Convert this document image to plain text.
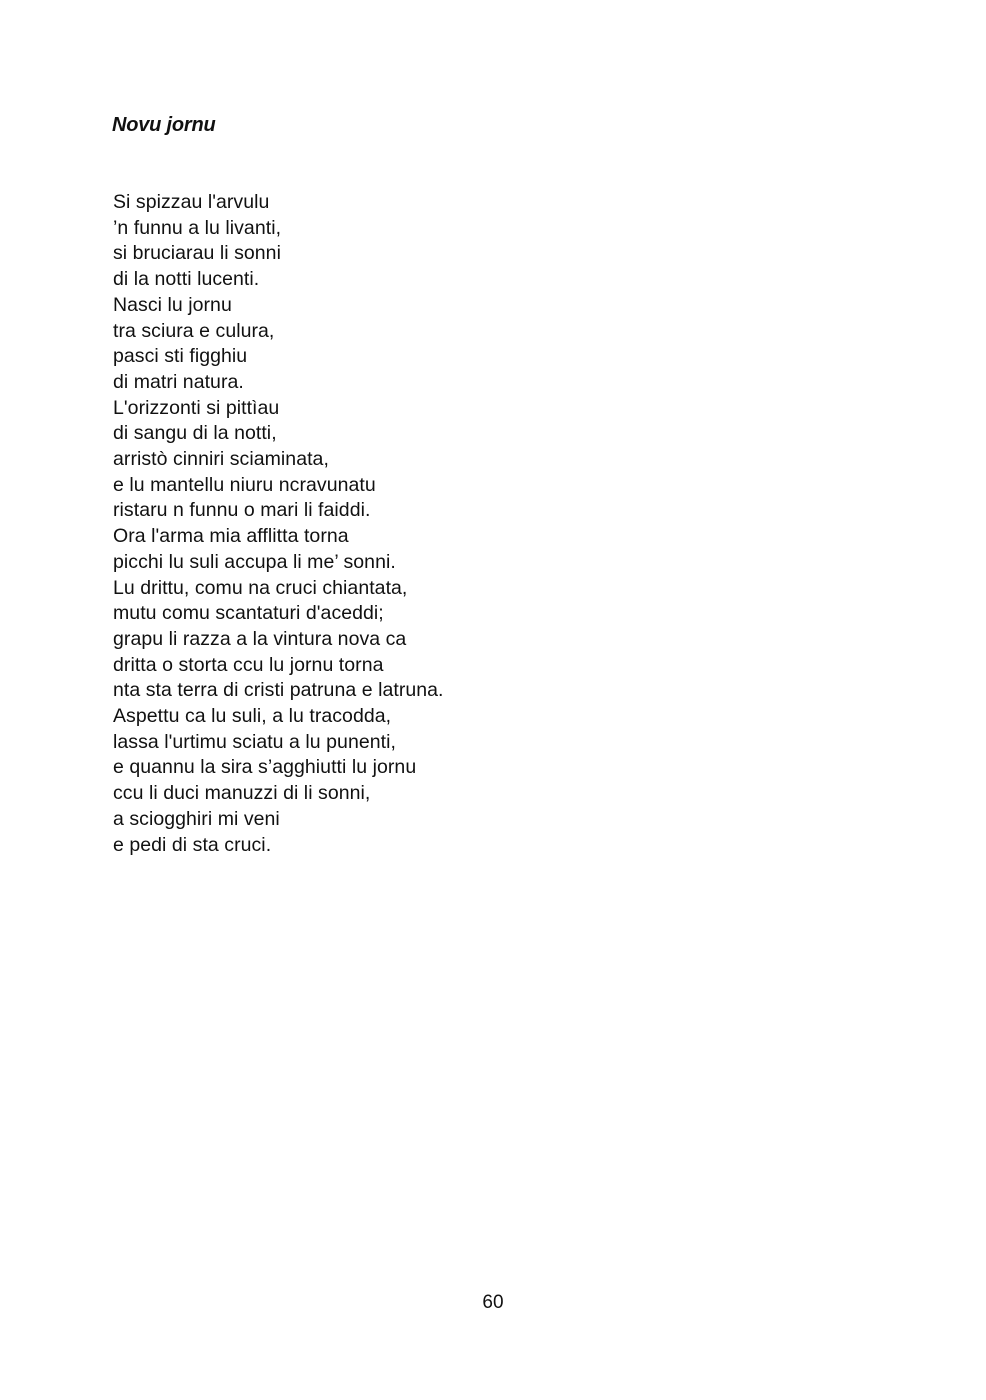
Novu jornu
Si spizzau l'arvulu
’n funnu a lu livanti,
si bruciarau li sonni
di la notti lucenti.
Nasci lu jornu
tra sciura e culura,
pasci sti figghiu
di matri natura.
L'orizzonti si pittìau
di sangu di la notti,
arristò cinniri sciaminata,
e lu mantellu niuru ncravunatu
ristaru n funnu o mari li faiddi.
Ora l'arma mia afflitta torna
picchi lu suli accupa li me’ sonni.
Lu drittu, comu na cruci chiantata,
mutu comu scantaturi d'aceddi;
grapu li razza a la vintura nova ca
dritta o storta ccu lu jornu torna
nta sta terra di cristi patruna e latruna.
Aspettu ca lu suli, a lu tracodda,
lassa l'urtimu sciatu a lu punenti,
e quannu la sira s’agghiutti lu jornu
ccu li duci manuzzi di li sonni,
a sciogghiri mi veni
e pedi di sta cruci.
60
